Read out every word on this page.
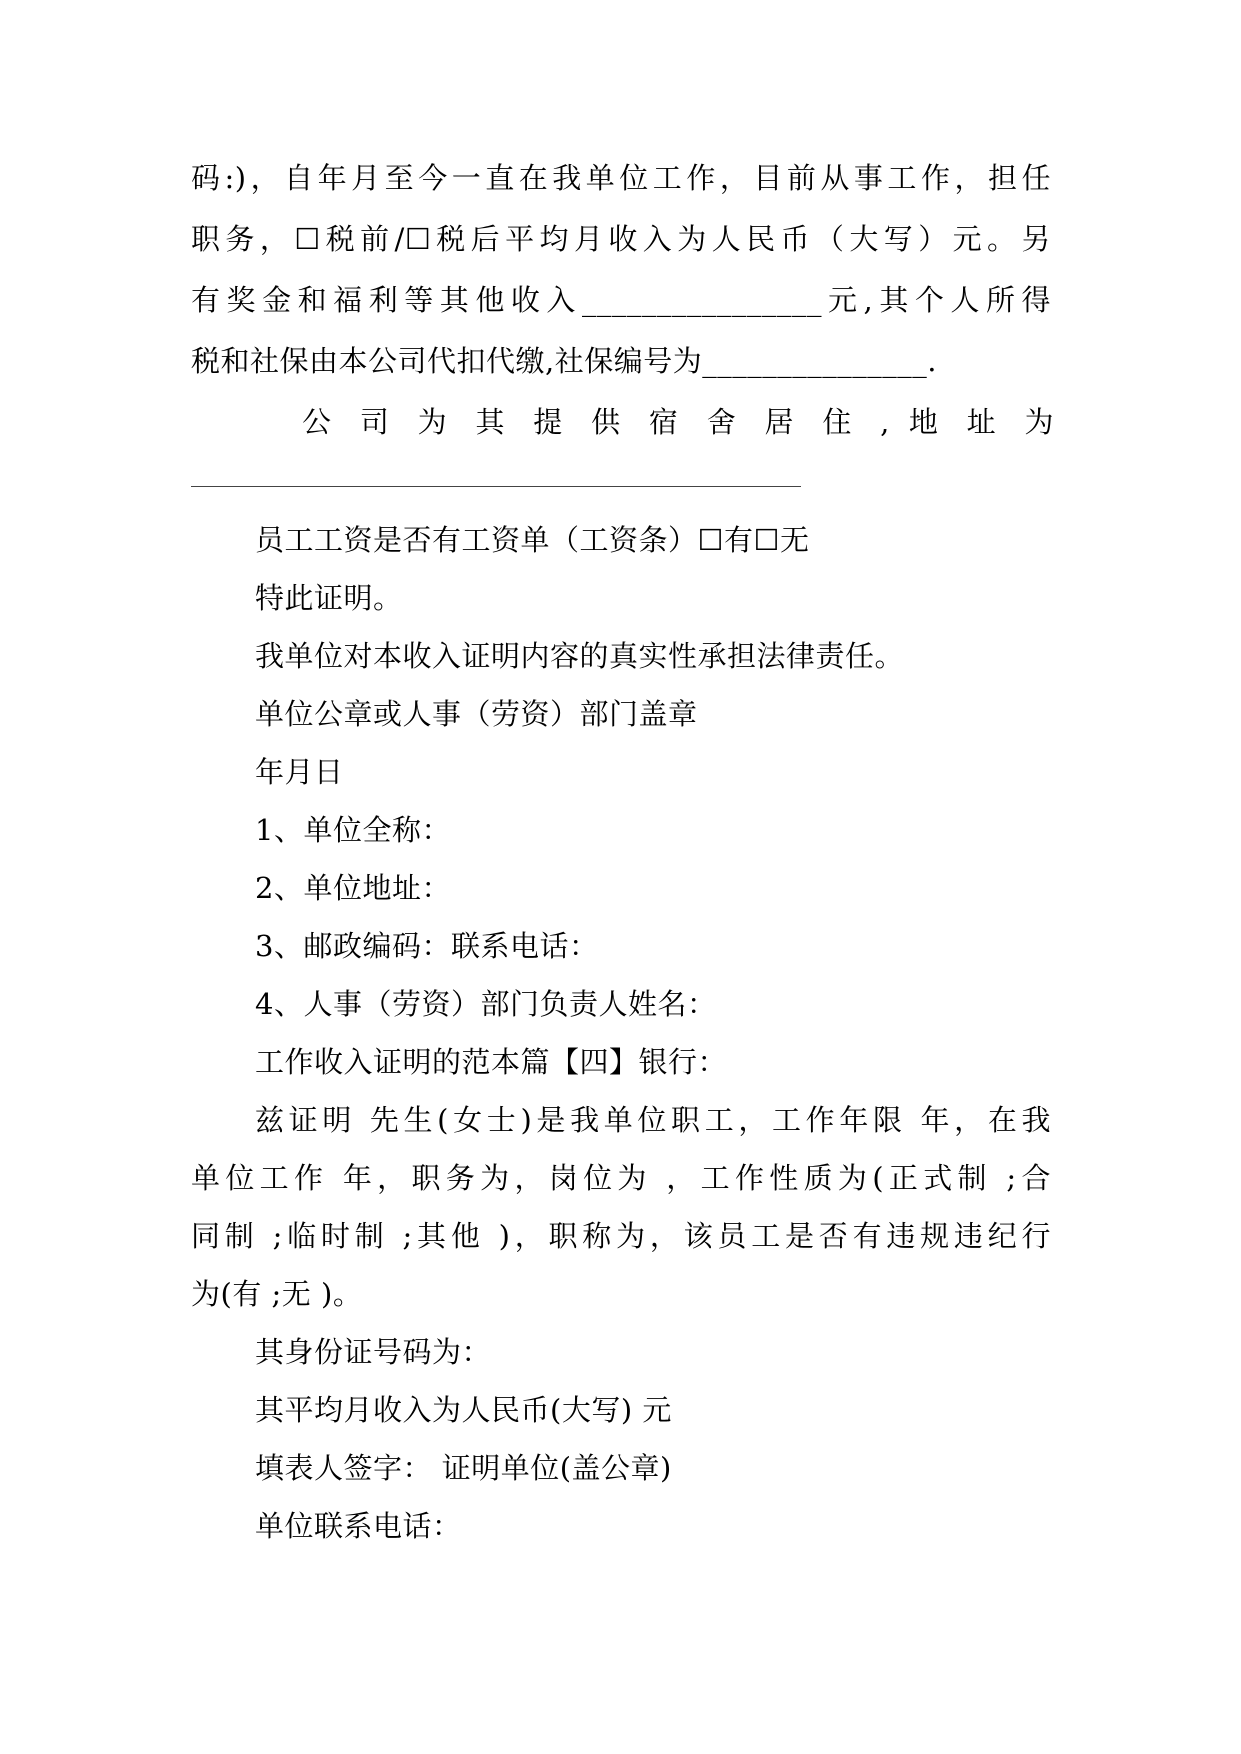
码:)，自年月至今一直在我单位工作，目前从事工作，担任
职务，☐税前/☐税后平均月收入为人民币（大写）元。另
有奖金和福利等其他收入________________元,其个人所得
税和社保由本公司代扣代缴,社保编号为_______________.
公 司 为 其 提 供 宿 舍 居 住 , 地 址 为
员工工资是否有工资单（工资条）☐有☐无
特此证明。
我单位对本收入证明内容的真实性承担法律责任。
单位公章或人事（劳资）部门盖章
年月日
1、单位全称：
2、单位地址：
3、邮政编码：联系电话：
4、人事（劳资）部门负责人姓名：
工作收入证明的范本篇【四】银行：
兹证明 先生(女士)是我单位职工，工作年限 年，在我
单位工作 年，职务为，岗位为 ，工作性质为(正式制 ;合
同制 ;临时制 ;其他 )，职称为，该员工是否有违规违纪行
为(有 ;无 )。
其身份证号码为：
其平均月收入为人民币(大写) 元
填表人签字： 证明单位(盖公章)
单位联系电话：
